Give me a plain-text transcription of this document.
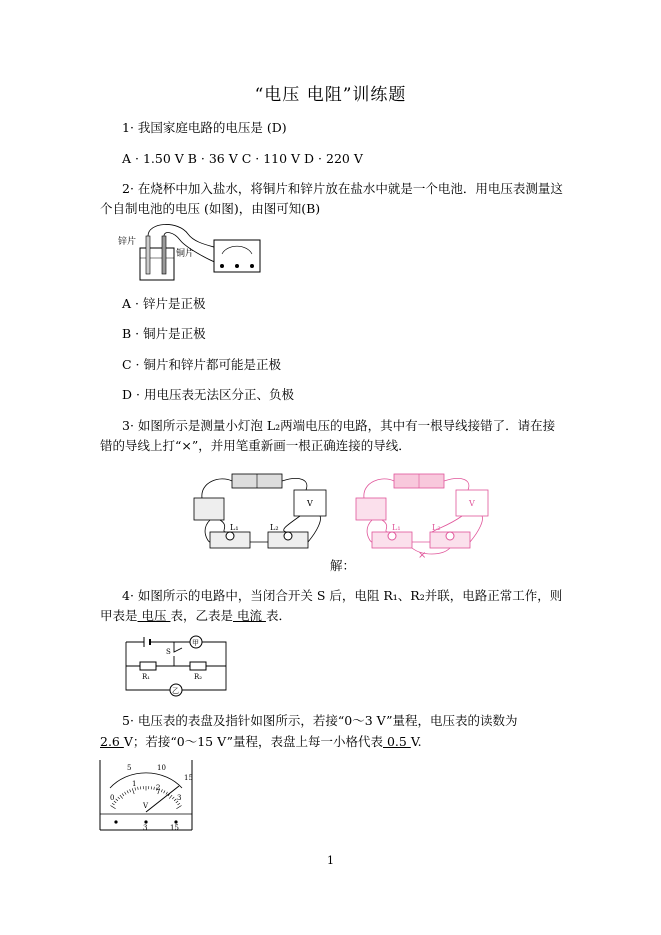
“电压 电阻”训练题
1· 我国家庭电路的电压是 (D)
A · 1.50 V B · 36 V C · 110 V D · 220 V
2· 在烧杯中加入盐水，将铜片和锌片放在盐水中就是一个电池．用电压表测量这
个自制电池的电压 (如图)，由图可知(B)
锌片
铜片
A · 锌片是正极
B · 铜片是正极
C · 铜片和锌片都可能是正极
D · 用电压表无法区分正、负极
3· 如图所示是测量小灯泡 L₂两端电压的电路，其中有一根导线接错了．请在接
错的导线上打“×”，并用笔重新画一根正确连接的导线．
L₁	L₂
V
×
L₁	L₂
V
解：
4· 如图所示的电路中，当闭合开关 S 后，电阻 R₁、R₂并联，电路正常工作，则
甲表是 电压 表，乙表是 电流 表．
甲
乙
S
R₁	R₂
5· 电压表的表盘及指针如图所示，若接“0～3 V”量程，电压表的读数为
2.6 V；若接“0～15 V”量程，表盘上每一小格代表 0.5 V.
5	10
15
0
1	2
3
V
3	15
1
